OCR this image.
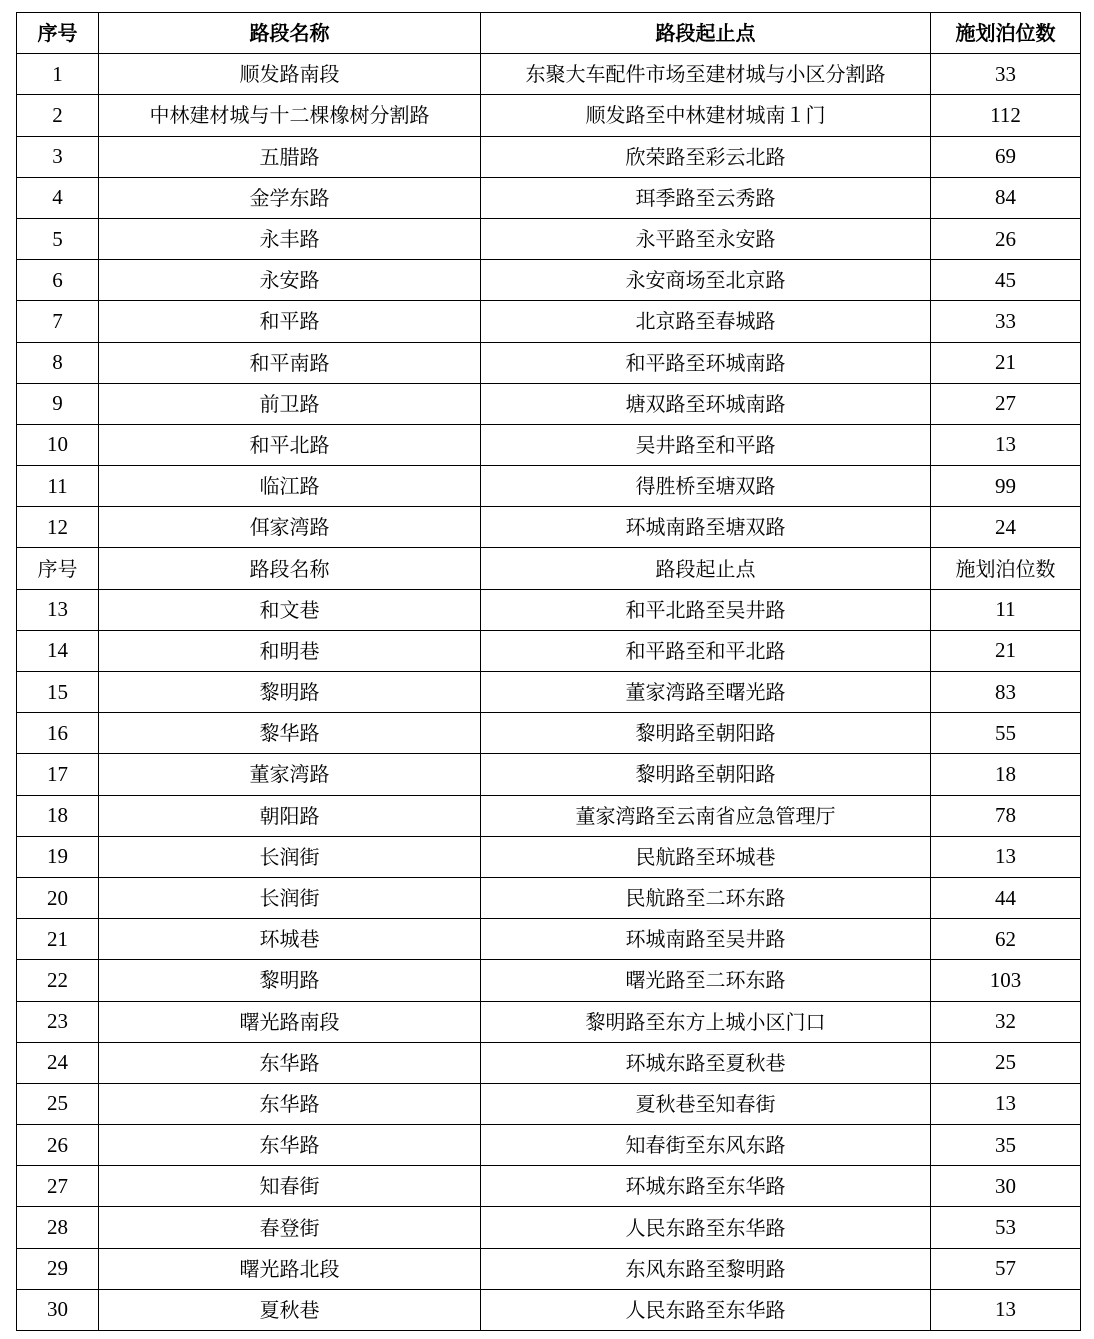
序号	路段名称	路段起止点	施划泊位数
1	顺发路南段	东聚大车配件市场至建材城与小区分割路	33
2	中林建材城与十二棵橡树分割路	顺发路至中林建材城南１门	112
3	五腊路	欣荣路至彩云北路	69
4	金学东路	珥季路至云秀路	84
5	永丰路	永平路至永安路	26
6	永安路	永安商场至北京路	45
7	和平路	北京路至春城路	33
8	和平南路	和平路至环城南路	21
9	前卫路	塘双路至环城南路	27
10	和平北路	吴井路至和平路	13
11	临江路	得胜桥至塘双路	99
12	佴家湾路	环城南路至塘双路	24
序号	路段名称	路段起止点	施划泊位数
13	和文巷	和平北路至吴井路	11
14	和明巷	和平路至和平北路	21
15	黎明路	董家湾路至曙光路	83
16	黎华路	黎明路至朝阳路	55
17	董家湾路	黎明路至朝阳路	18
18	朝阳路	董家湾路至云南省应急管理厅	78
19	长润街	民航路至环城巷	13
20	长润街	民航路至二环东路	44
21	环城巷	环城南路至吴井路	62
22	黎明路	曙光路至二环东路	103
23	曙光路南段	黎明路至东方上城小区门口	32
24	东华路	环城东路至夏秋巷	25
25	东华路	夏秋巷至知春街	13
26	东华路	知春街至东风东路	35
27	知春街	环城东路至东华路	30
28	春登街	人民东路至东华路	53
29	曙光路北段	东风东路至黎明路	57
30	夏秋巷	人民东路至东华路	13
